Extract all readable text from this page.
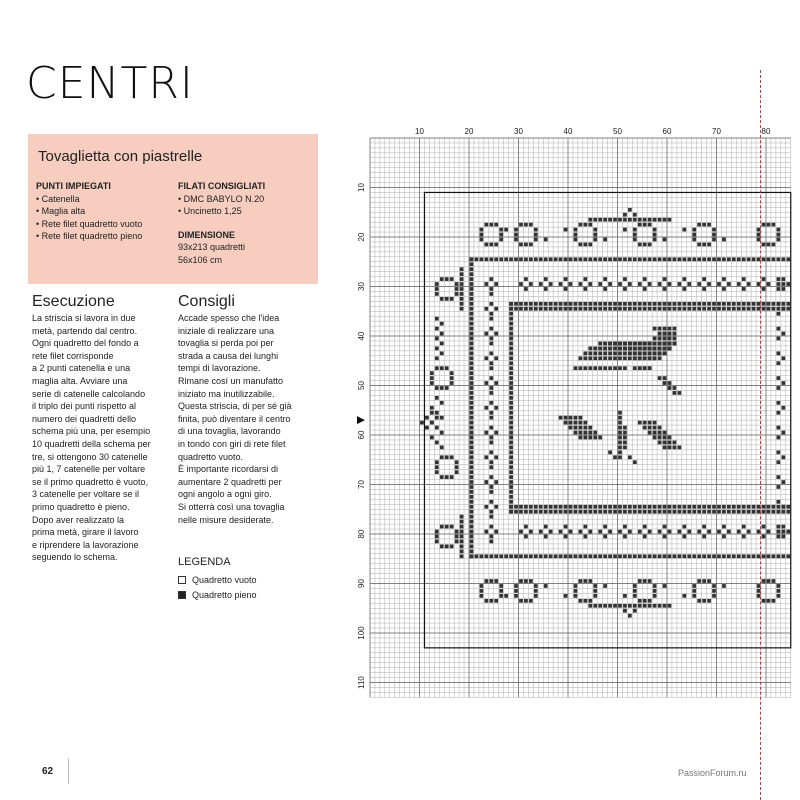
CENTRI
Tovaglietta con piastrelle
PUNTI IMPIEGATI
• Catenella
• Maglia alta
• Rete filet quadretto vuoto
• Rete filet quadretto pieno
FILATI CONSIGLIATI
• DMC BABYLO N.20
• Uncinetto 1,25
DIMENSIONE
93x213 quadretti
56x106 cm
Esecuzione
La striscia si lavora in due
metà, partendo dal centro.
Ogni quadretto del fondo a
rete filet corrisponde
a 2 punti catenella e una
maglia alta. Avviare una
serie di catenelle calcolando
il triplo dei punti rispetto al
numero dei quadretti dello
schema più una, per esempio
10 quadretti della schema per
tre, si ottengono 30 catenelle
più 1, 7 catenelle per voltare
se il primo quadretto è vuoto,
3 catenelle per voltare se il
primo quadretto è pieno.
Dopo aver realizzato la
prima metà, girare il lavoro
e riprendere la lavorazione
seguendo lo schema.
Consigli
Accade spesso che l'idea
iniziale di realizzare una
tovaglia si perda poi per
strada a causa dei lunghi
tempi di lavorazione.
Rimane così un manufatto
iniziato ma inutilizzabile.
Questa striscia, di per sé già
finita, può diventare il centro
di una tovaglia, lavorando
in tondo con giri di rete filet
quadretto vuoto.
È importante ricordarsi di
aumentare 2 quadretti per
ogni angolo a ogni giro.
Si otterrà così una tovaglia
nelle misure desiderate.
LEGENDA
Quadretto vuoto
Quadretto pieno
10	20	30	40	50	60	70	80
10
20
30
40
50
60
70
80
90
100
110
62	PassionForum.ru
